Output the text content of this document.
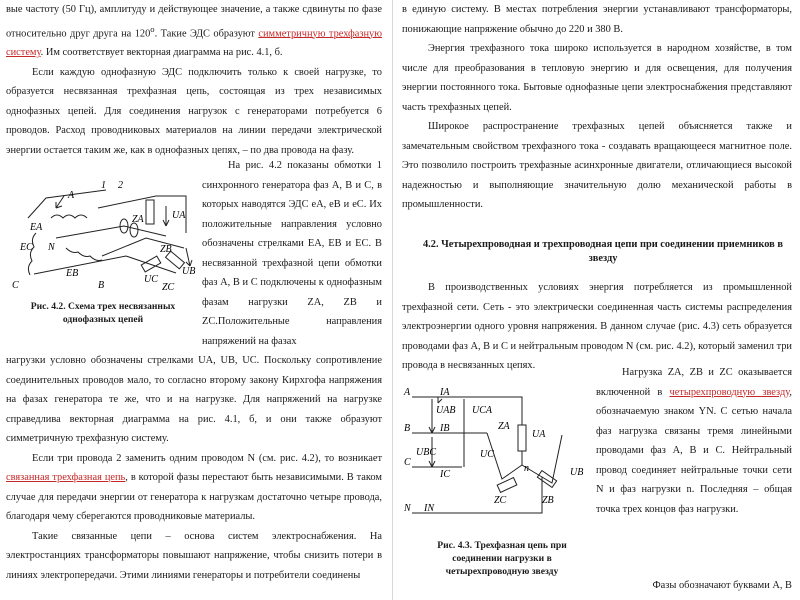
вые частоту (50 Гц), амплитуду и действующее значение, а также сдвинуты по фазе относительно друг друга на 120$^o$. Такие ЭДС образуют симметричную трехфазную систему. Им соответствует векторная диаграмма на рис. 4.1, б.

Если каждую однофазную ЭДС подключить только к своей нагрузке, то образуется несвязанная трехфазная цепь, состоящая из трех независимых однофазных цепей. Для соединения нагрузок с генераторами потребуется 6 проводов. Расход проводниковых материалов на линии передачи электрической энергии остается таким же, как в однофазных цепях, – по два провода на фазу.

1 2
EA
ZA	UA
EC N	ZB
UB
C
EB
B
UC
ZC
A
Рис. 4.2. Схема трех несвязанных однофазных цепей

На рис. 4.2 показаны обмотки 1 синхронного генератора фаз А, В и С, в которых наводятся ЭДС eA, eB и eC. Их положительные направления условно обозначены стрелками EA, EB и EC. В несвязанной трехфазной цепи обмотки фаз А, В и С подключены к однофазным фазам нагрузки ZA, ZB и ZC.Положительные направления напряжений на фазах

нагрузки условно обозначены стрелками UA, UB, UC. Поскольку сопротивление соединительных проводов мало, то согласно второму закону Кирхгофа напряжения на фазах генератора те же, что и на нагрузке. Для напряжений на нагрузке справедлива векторная диаграмма на рис. 4.1, б, и они также образуют симметричную трехфазную систему.

Если три провода 2 заменить одним проводом N (см. рис. 4.2), то возникает связанная трехфазная цепь, в которой фазы перестают быть независимыми. В таком случае для передачи энергии от генератора к нагрузкам достаточно четыре провода, благодаря чему сберегаются проводниковые материалы.

Такие связанные цепи – основа систем электроснабжения. На электростанциях трансформаторы повышают напряжение, чтобы снизить потери в линиях электропередачи. Этими линиями генераторы и потребители соединены

в единую систему. В местах потребления энергии устанавливают трансформаторы, понижающие напряжение обычно до 220 и 380 В.

Энергия трехфазного тока широко используется в народном хозяйстве, в том числе для преобразования в тепловую энергию и для освещения, для получения энергии постоянного тока. Бытовые однофазные цепи электроснабжения представляют часть трехфазных цепей.

Широкое распространение трехфазных цепей объясняется также и замечательным свойством трехфазного тока - создавать вращающееся магнитное поле. Это позволило построить трехфазные асинхронные двигатели, отличающиеся высокой надежностью и выполняющие значительную долю механической работы в промышленности.

4.2. Четырехпроводная и трехпроводная цепи при соединении приемников в звезду

В производственных условиях энергия потребляется из промышленной трехфазной сети. Сеть - это электрически соединенная часть системы распределения электроэнергии одного уровня напряжения. В данном случае (рис. 4.3) сеть образуется проводами фаз А, В и С и нейтральным проводом N (см. рис. 4.2), который заменил три провода в несвязанных цепях.

A	IA
UAB UCA
B	IB
C
IC
UBC
ZA
UA
UC
UB
n
ZC	ZB
N IN
Рис. 4.3. Трехфазная цепь при соединении нагрузки в четырехпроводную звезду

Нагрузка ZA, ZB и ZC оказывается включенной в четырехпроводную звезду, обозначаемую знаком YN. С сетью начала фаз нагрузка связаны тремя линейными проводами фаз А, В и С. Нейтральный провод соединяет нейтральные точки сети N и фаз нагрузки n. Последняя – общая точка трех концов фаз нагрузки.

Фазы обозначают буквами А, В
